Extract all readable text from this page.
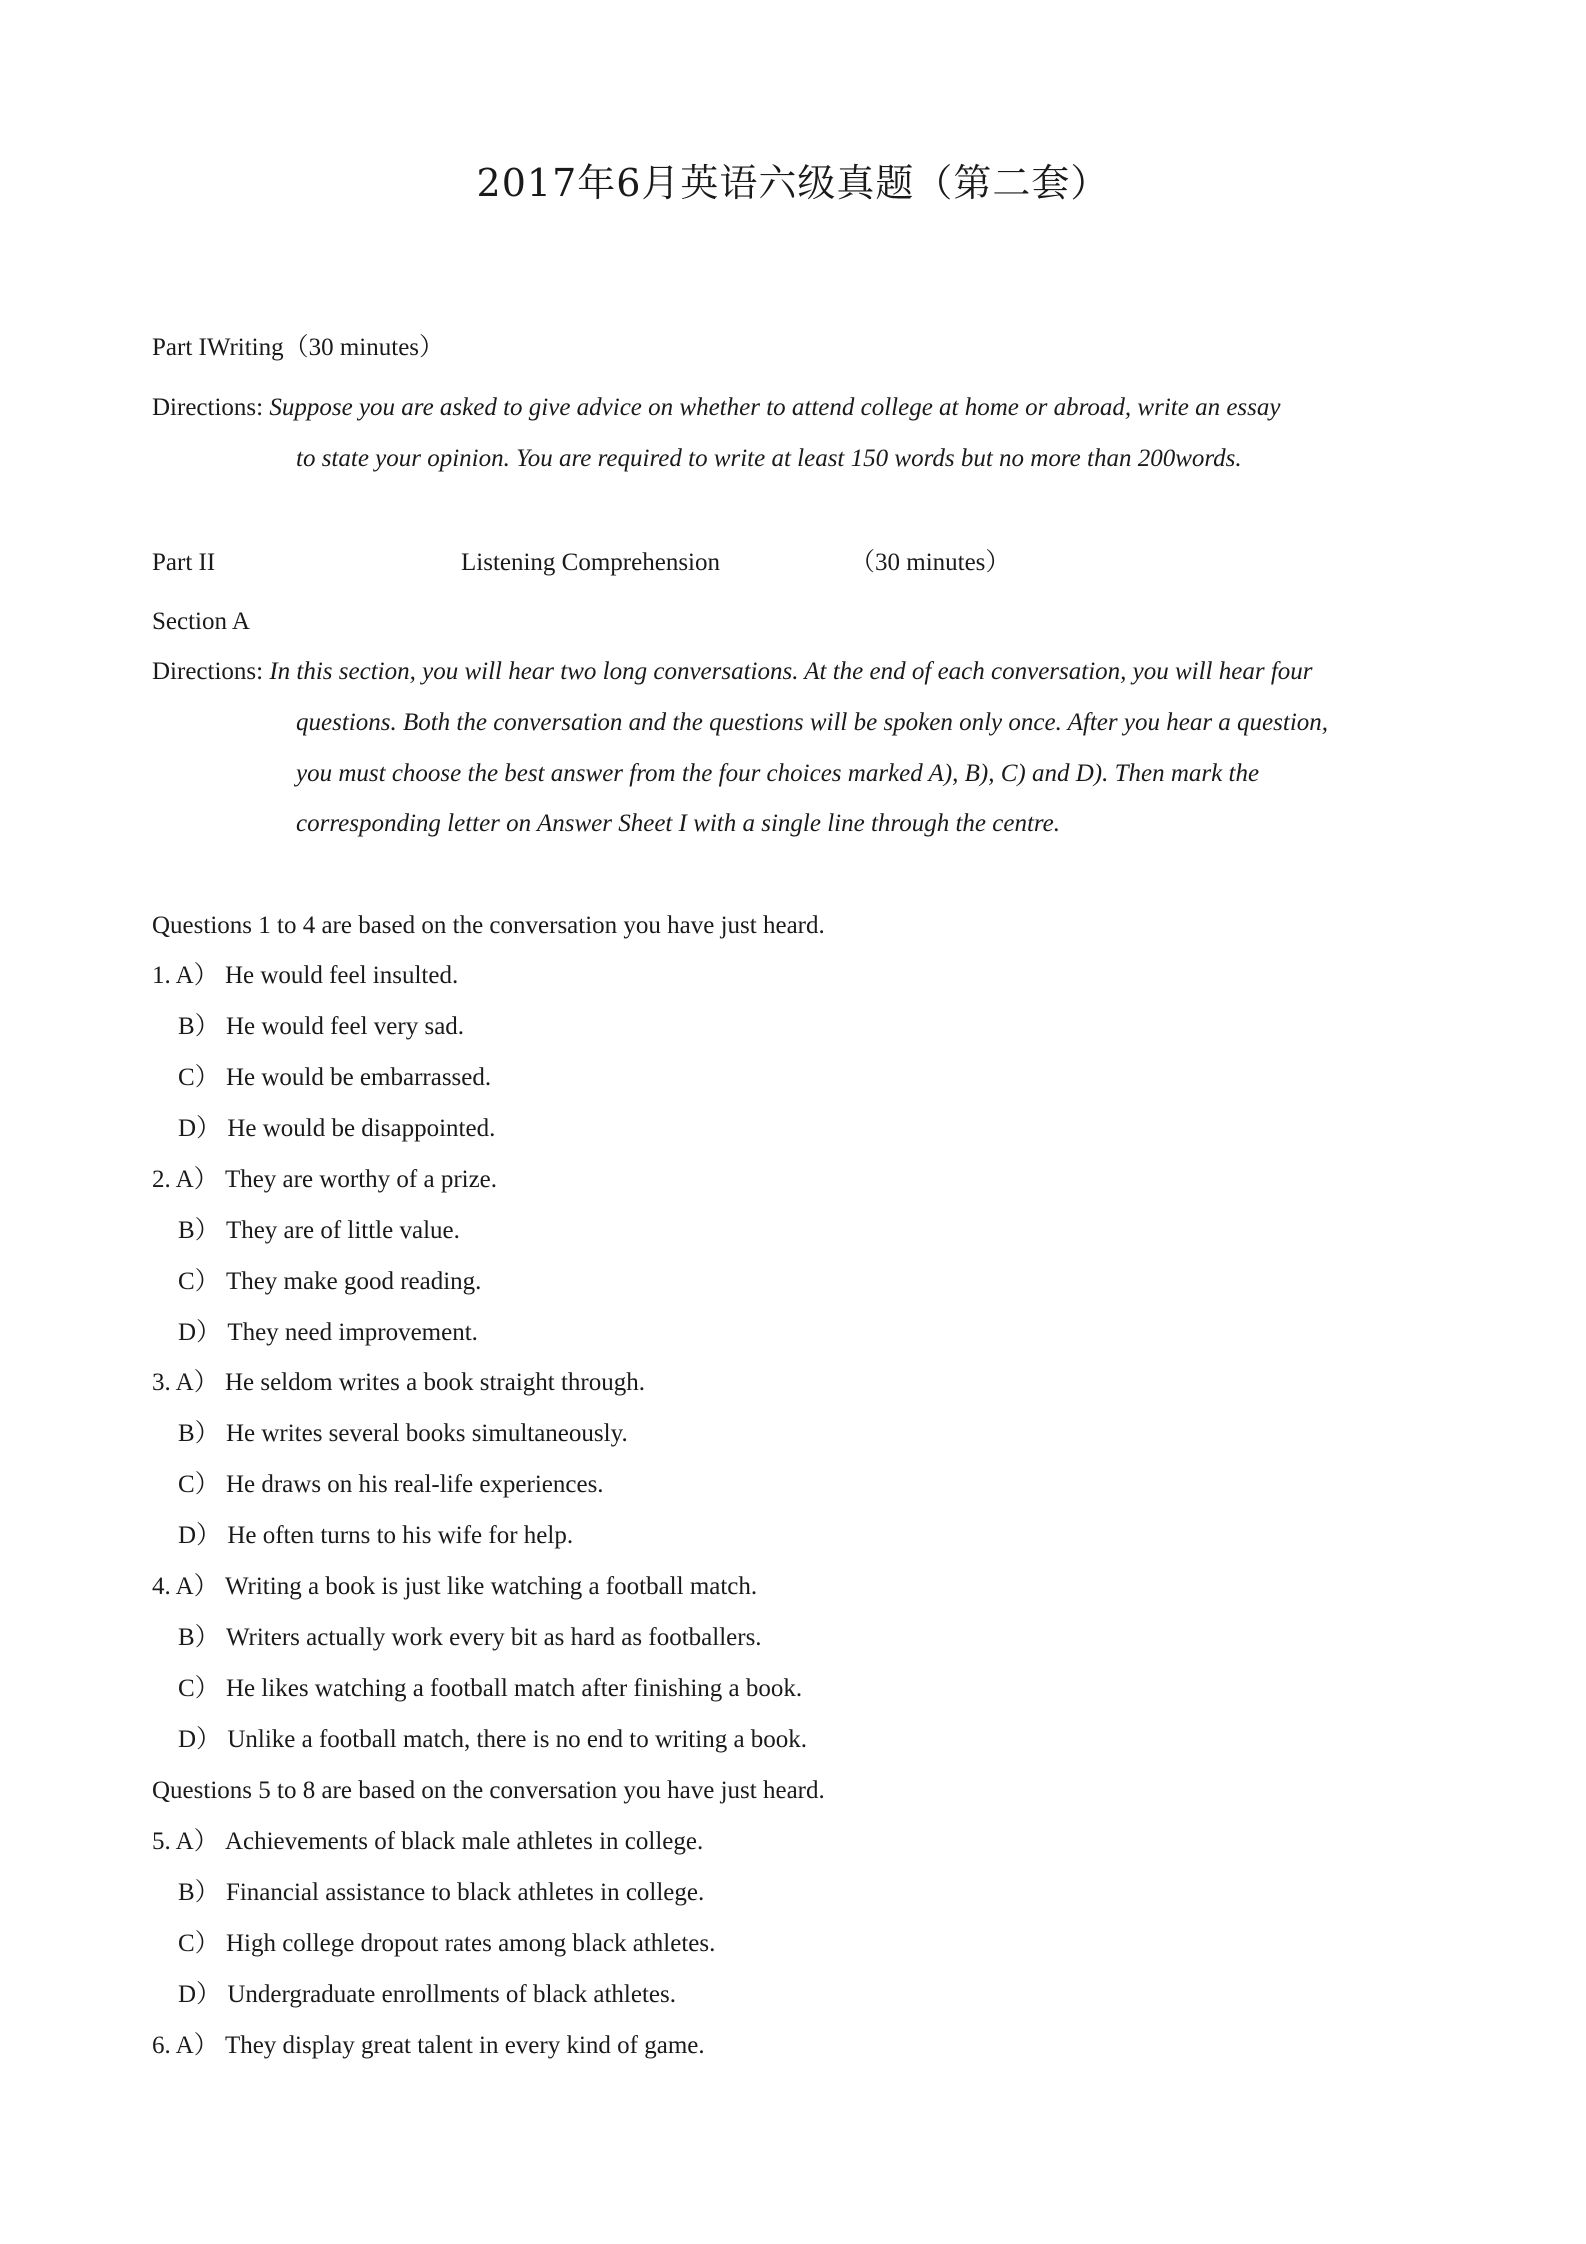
2017年6月英语六级真题（第二套）
Part IWriting（30 minutes）
Directions: Suppose you are asked to give advice on whether to attend college at home or abroad, write an essay
to state your opinion. You are required to write at least 150 words but no more than 200words.
Part II	Listening Comprehension	（30 minutes）
Section A
Directions: In this section, you will hear two long conversations. At the end of each conversation, you will hear four
questions. Both the conversation and the questions will be spoken only once. After you hear a question,
you must choose the best answer from the four choices marked A), B), C) and D). Then mark the
corresponding letter on Answer Sheet I with a single line through the centre.
Questions 1 to 4 are based on the conversation you have just heard.
1. A） He would feel insulted.
B） He would feel very sad.
C） He would be embarrassed.
D） He would be disappointed.
2. A） They are worthy of a prize.
B） They are of little value.
C） They make good reading.
D） They need improvement.
3. A） He seldom writes a book straight through.
B） He writes several books simultaneously.
C） He draws on his real-life experiences.
D） He often turns to his wife for help.
4. A） Writing a book is just like watching a football match.
B） Writers actually work every bit as hard as footballers.
C） He likes watching a football match after finishing a book.
D） Unlike a football match, there is no end to writing a book.
Questions 5 to 8 are based on the conversation you have just heard.
5. A） Achievements of black male athletes in college.
B） Financial assistance to black athletes in college.
C） High college dropout rates among black athletes.
D） Undergraduate enrollments of black athletes.
6. A） They display great talent in every kind of game.
